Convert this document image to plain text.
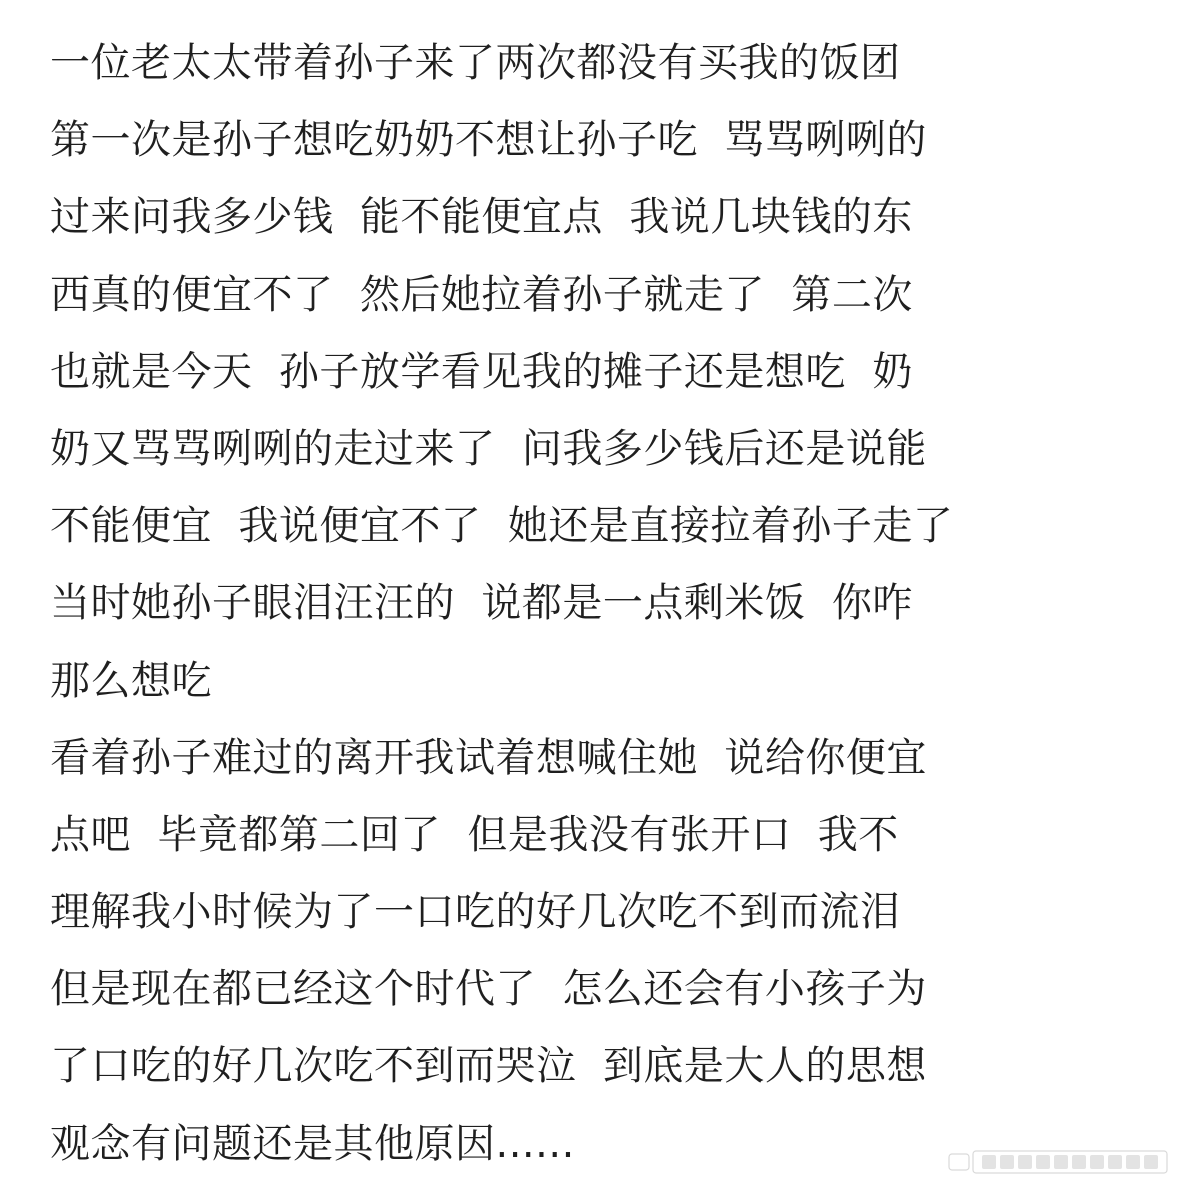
一位老太太带着孙子来了两次都没有买我的饭团
第一次是孙子想吃奶奶不想让孙子吃  骂骂咧咧的
过来问我多少钱  能不能便宜点  我说几块钱的东
西真的便宜不了  然后她拉着孙子就走了  第二次
也就是今天  孙子放学看见我的摊子还是想吃  奶
奶又骂骂咧咧的走过来了  问我多少钱后还是说能
不能便宜  我说便宜不了  她还是直接拉着孙子走了
当时她孙子眼泪汪汪的  说都是一点剩米饭  你咋
那么想吃
看着孙子难过的离开我试着想喊住她  说给你便宜
点吧  毕竟都第二回了  但是我没有张开口  我不
理解我小时候为了一口吃的好几次吃不到而流泪
但是现在都已经这个时代了  怎么还会有小孩子为
了口吃的好几次吃不到而哭泣  到底是大人的思想
观念有问题还是其他原因......
